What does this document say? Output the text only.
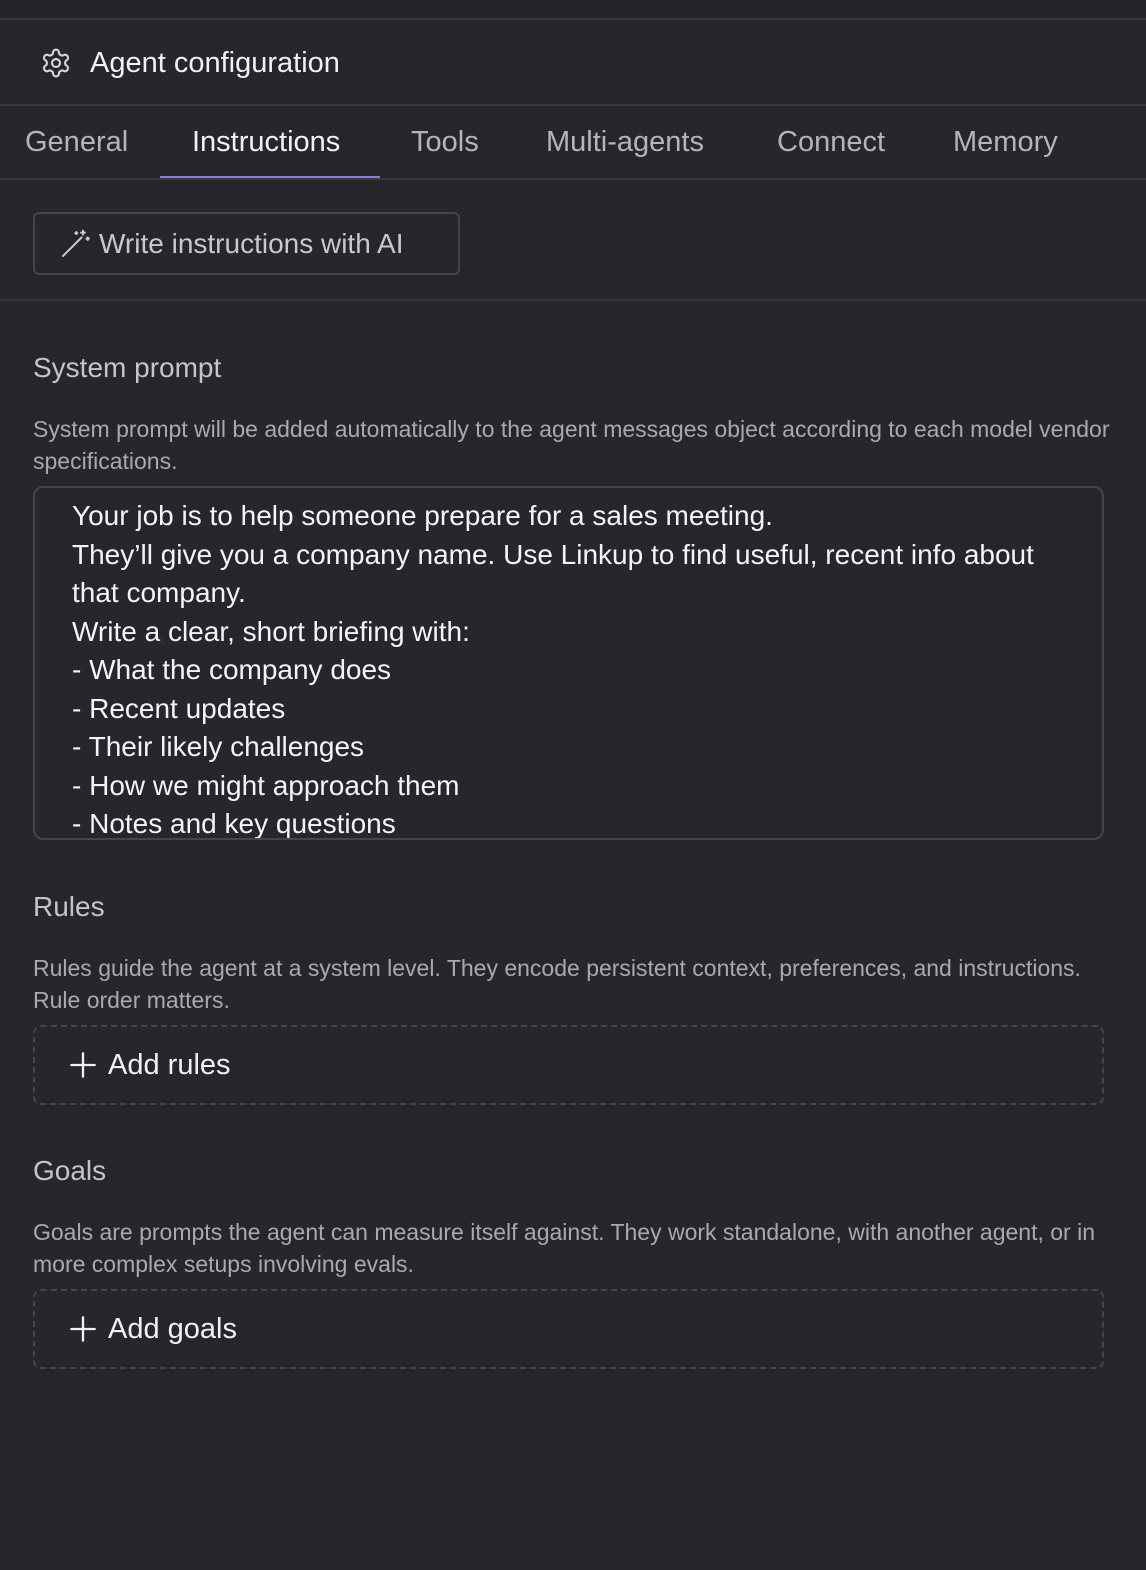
Agent configuration
General Instructions Tools Multi-agents	Connect Memory
Write instructions with AI
System prompt
System prompt will be added automatically to the agent messages object according to each model vendor specifications.
Your job is to help someone prepare for a sales meeting.
They’ll give you a company name. Use Linkup to find useful, recent info about that company.
Write a clear, short briefing with:
- What the company does
- Recent updates
- Their likely challenges
- How we might approach them
- Notes and key questions
Rules
Rules guide the agent at a system level. They encode persistent context, preferences, and instructions. Rule order matters.
Add rules
Goals
Goals are prompts the agent can measure itself against. They work standalone, with another agent, or in more complex setups involving evals.
Add goals
